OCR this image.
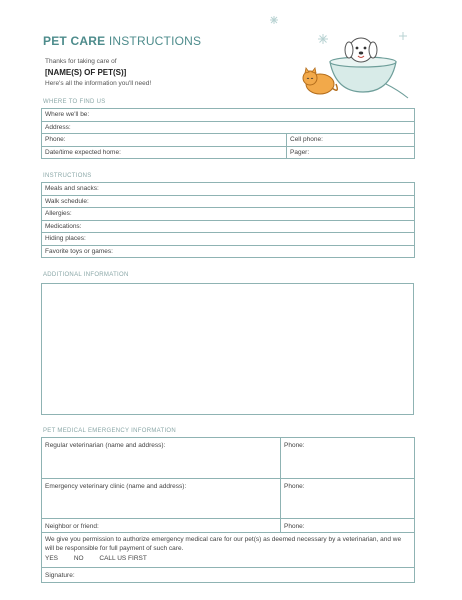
PET CARE INSTRUCTIONS
Thanks for taking care of
[NAME(S) OF PET(S)]
Here's all the information you'll need!
WHERE TO FIND US
Where we'll be:	
Address:	
Phone:	Cell phone:
Date/time expected home:	Pager:
INSTRUCTIONS
Meals and snacks:
Walk schedule:
Allergies:
Medications:
Hiding places:
Favorite toys or games:
ADDITIONAL INFORMATION
PET MEDICAL EMERGENCY INFORMATION
Regular veterinarian (name and address):	Phone:
Emergency veterinary clinic (name and address):	Phone:
Neighbor or friend:	Phone:

We give you permission to authorize emergency medical care for our pet(s) as deemed necessary by a veterinarian, and we will be responsible for full payment of such care.
YES NO CALL US FIRST	

Signature:	
